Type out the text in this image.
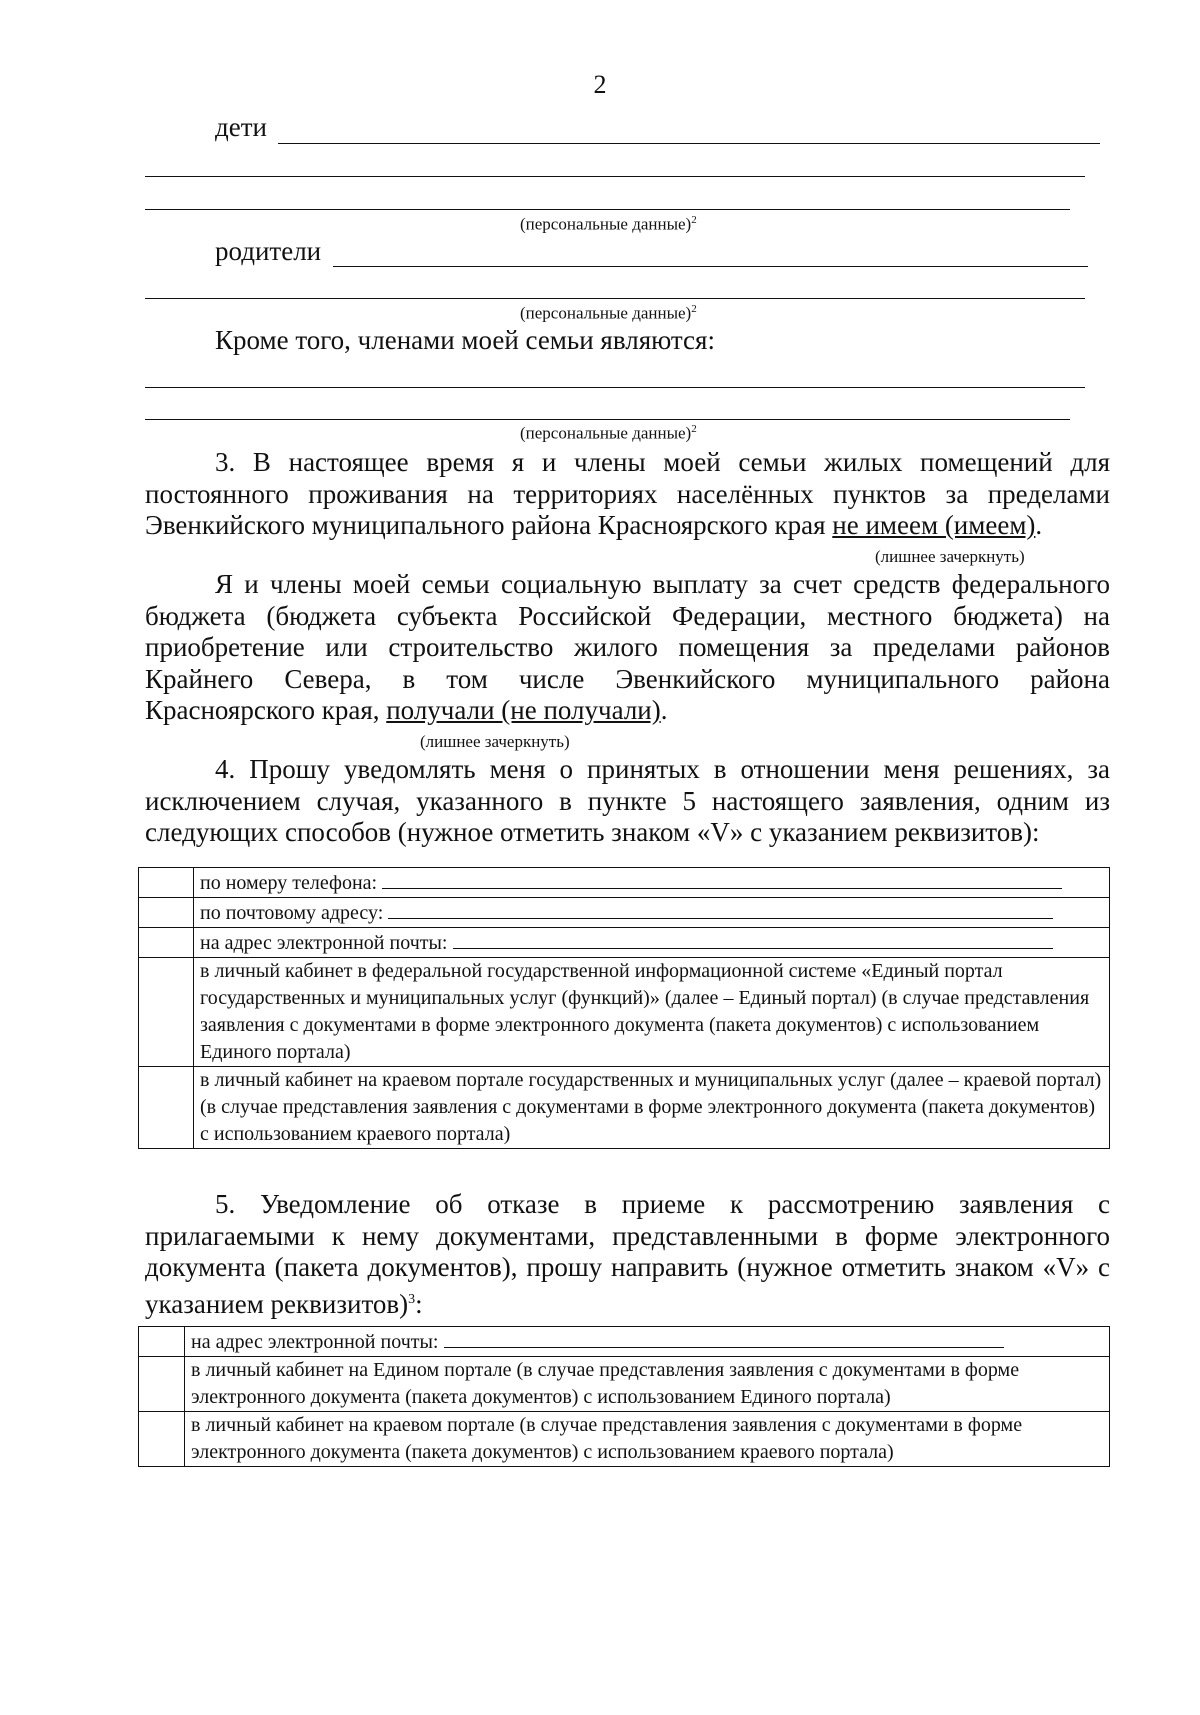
2
дети
(персональные данные)$^2$
родители
(персональные данные)$^2$
Кроме того, членами моей семьи являются:
(персональные данные)$^2$
3. В настоящее время я и члены моей семьи жилых помещений для постоянного проживания на территориях населённых пунктов за пределами Эвенкийского муниципального района Красноярского края не имеем (имеем).
(лишнее зачеркнуть)
Я и члены моей семьи социальную выплату за счет средств федерального бюджета (бюджета субъекта Российской Федерации, местного бюджета) на приобретение или строительство жилого помещения за пределами районов Крайнего Севера, в том числе Эвенкийского муниципального района Красноярского края, получали (не получали).
(лишнее зачеркнуть)
4. Прошу уведомлять меня о принятых в отношении меня решениях, за исключением случая, указанного в пункте 5 настоящего заявления, одним из следующих способов (нужное отметить знаком «V» с указанием реквизитов):
	по номеру телефона:
	по почтовому адресу:
	на адрес электронной почты:
	в личный кабинет в федеральной государственной информационной системе «Единый портал государственных и муниципальных услуг (функций)» (далее – Единый портал) (в случае представления заявления с документами в форме электронного документа (пакета документов) с использованием Единого портала)
	в личный кабинет на краевом портале государственных и муниципальных услуг (далее – краевой портал) (в случае представления заявления с документами в форме электронного документа (пакета документов) с использованием краевого портала)
5. Уведомление об отказе в приеме к рассмотрению заявления с прилагаемыми к нему документами, представленными в форме электронного документа (пакета документов), прошу направить (нужное отметить знаком «V» с указанием реквизитов)$^3$:
	на адрес электронной почты:
	в личный кабинет на Едином портале (в случае представления заявления с документами в форме электронного документа (пакета документов) с использованием Единого портала)
	в личный кабинет на краевом портале (в случае представления заявления с документами в форме электронного документа (пакета документов) с использованием краевого портала)
